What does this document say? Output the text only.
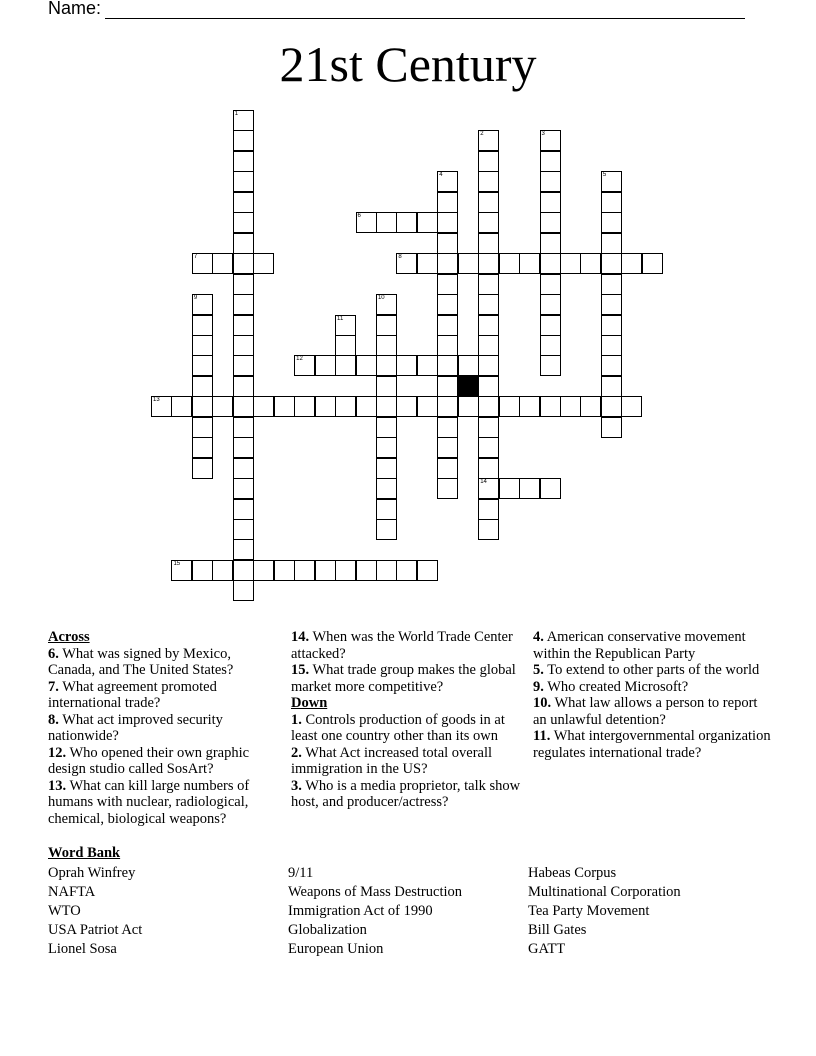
Name:
21st Century
1
2
14
3
4	5
6
7	8
9	10
11
12
13
15
Across
6. What was signed by Mexico, Canada, and The United States?
7. What agreement promoted international trade?
8. What act improved security nationwide?
12. Who opened their own graphic design studio called SosArt?
13. What can kill large numbers of humans with nuclear, radiological, chemical, biological weapons?
14. When was the World Trade Center attacked?
15. What trade group makes the global market more competitive?
Down
1. Controls production of goods in at least one country other than its own
2. What Act increased total overall immigration in the US?
3. Who is a media proprietor, talk show host, and producer/actress?
4. American conservative movement within the Republican Party
5. To extend to other parts of the world
9. Who created Microsoft?
10. What law allows a person to report an unlawful detention?
11. What intergovernmental organization regulates international trade?
Word Bank
Oprah Winfrey
NAFTA
WTO
USA Patriot Act
Lionel Sosa
9/11
Weapons of Mass Destruction
Immigration Act of 1990
Globalization
European Union
Habeas Corpus
Multinational Corporation
Tea Party Movement
Bill Gates
GATT
